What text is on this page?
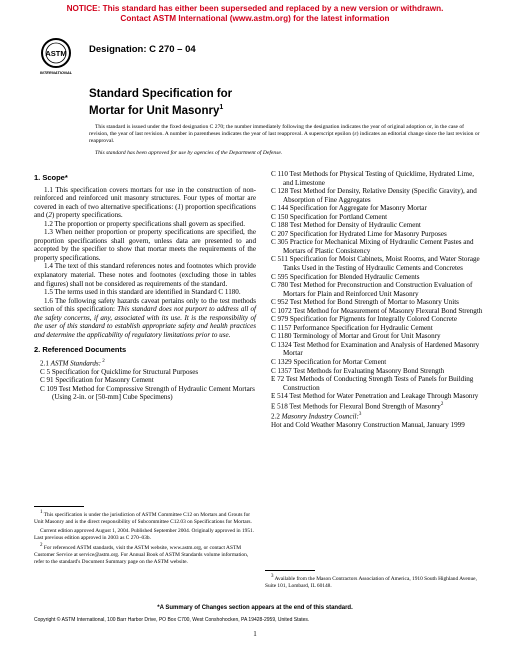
NOTICE: This standard has either been superseded and replaced by a new version or withdrawn.
Contact ASTM International (www.astm.org) for the latest information
ASTM
INTERNATIONAL
Designation: C 270 – 04
Standard Specification for
Mortar for Unit Masonry$^1$

This standard is issued under the fixed designation C 270; the number immediately following the designation indicates the year of original adoption or, in the case of revision, the year of last revision. A number in parentheses indicates the year of last reapproval. A superscript epsilon (ε) indicates an editorial change since the last revision or reapproval.

This standard has been approved for use by agencies of the Department of Defense.

1. Scope*

1.1 This specification covers mortars for use in the construction of non-reinforced and reinforced unit masonry structures. Four types of mortar are covered in each of two alternative specifications: (1) proportion specifications and (2) property specifications.

1.2 The proportion or property specifications shall govern as specified.

1.3 When neither proportion or property specifications are specified, the proportion specifications shall govern, unless data are presented to and accepted by the specifier to show that mortar meets the requirements of the property specifications.

1.4 The text of this standard references notes and footnotes which provide explanatory material. These notes and footnotes (excluding those in tables and figures) shall not be considered as requirements of the standard.

1.5 The terms used in this standard are identified in Standard C 1180.

1.6 The following safety hazards caveat pertains only to the test methods section of this specification: This standard does not purport to address all of the safety concerns, if any, associated with its use. It is the responsibility of the user of this standard to establish appropriate safety and health practices and determine the applicability of regulatory limitations prior to use.

2. Referenced Documents

2.1 ASTM Standards: $^2$

C 5 Specification for Quicklime for Structural Purposes

C 91 Specification for Masonry Cement

C 109 Test Method for Compressive Strength of Hydraulic Cement Mortars (Using 2-in. or [50-mm] Cube Specimens)

$^1$ This specification is under the jurisdiction of ASTM Committee C12 on Mortars and Grouts for Unit Masonry and is the direct responsibility of Subcommittee C12.03 on Specifications for Mortars.

Current edition approved August 1, 2004. Published September 2004. Originally approved in 1951. Last previous edition approved in 2003 as C 270–03b.

$^2$ For referenced ASTM standards, visit the ASTM website, www.astm.org, or contact ASTM Customer Service at service@astm.org. For Annual Book of ASTM Standards volume information, refer to the standard's Document Summary page on the ASTM website.

C 110 Test Methods for Physical Testing of Quicklime, Hydrated Lime, and Limestone

C 128 Test Method for Density, Relative Density (Specific Gravity), and Absorption of Fine Aggregates

C 144 Specification for Aggregate for Masonry Mortar

C 150 Specification for Portland Cement

C 188 Test Method for Density of Hydraulic Cement

C 207 Specification for Hydrated Lime for Masonry Purposes

C 305 Practice for Mechanical Mixing of Hydraulic Cement Pastes and Mortars of Plastic Consistency

C 511 Specification for Moist Cabinets, Moist Rooms, and Water Storage Tanks Used in the Testing of Hydraulic Cements and Concretes

C 595 Specification for Blended Hydraulic Cements

C 780 Test Method for Preconstruction and Construction Evaluation of Mortars for Plain and Reinforced Unit Masonry

C 952 Test Method for Bond Strength of Mortar to Masonry Units

C 1072 Test Method for Measurement of Masonry Flexural Bond Strength

C 979 Specification for Pigments for Integrally Colored Concrete

C 1157 Performance Specification for Hydraulic Cement

C 1180 Terminology of Mortar and Grout for Unit Masonry

C 1324 Test Method for Examination and Analysis of Hardened Masonry Mortar

C 1329 Specification for Mortar Cement

C 1357 Test Methods for Evaluating Masonry Bond Strength

E 72 Test Methods of Conducting Strength Tests of Panels for Building Construction

E 514 Test Method for Water Penetration and Leakage Through Masonry

E 518 Test Methods for Flexural Bond Strength of Masonry$^2$

2.2 Masonry Industry Council:$^3$

Hot and Cold Weather Masonry Construction Manual, January 1999

$^3$ Available from the Mason Contractors Association of America, 1910 South Highland Avenue, Suite 101, Lombard, IL 60148.

*A Summary of Changes section appears at the end of this standard.
Copyright © ASTM International, 100 Barr Harbor Drive, PO Box C700, West Conshohocken, PA 19428-2959, United States.
1
